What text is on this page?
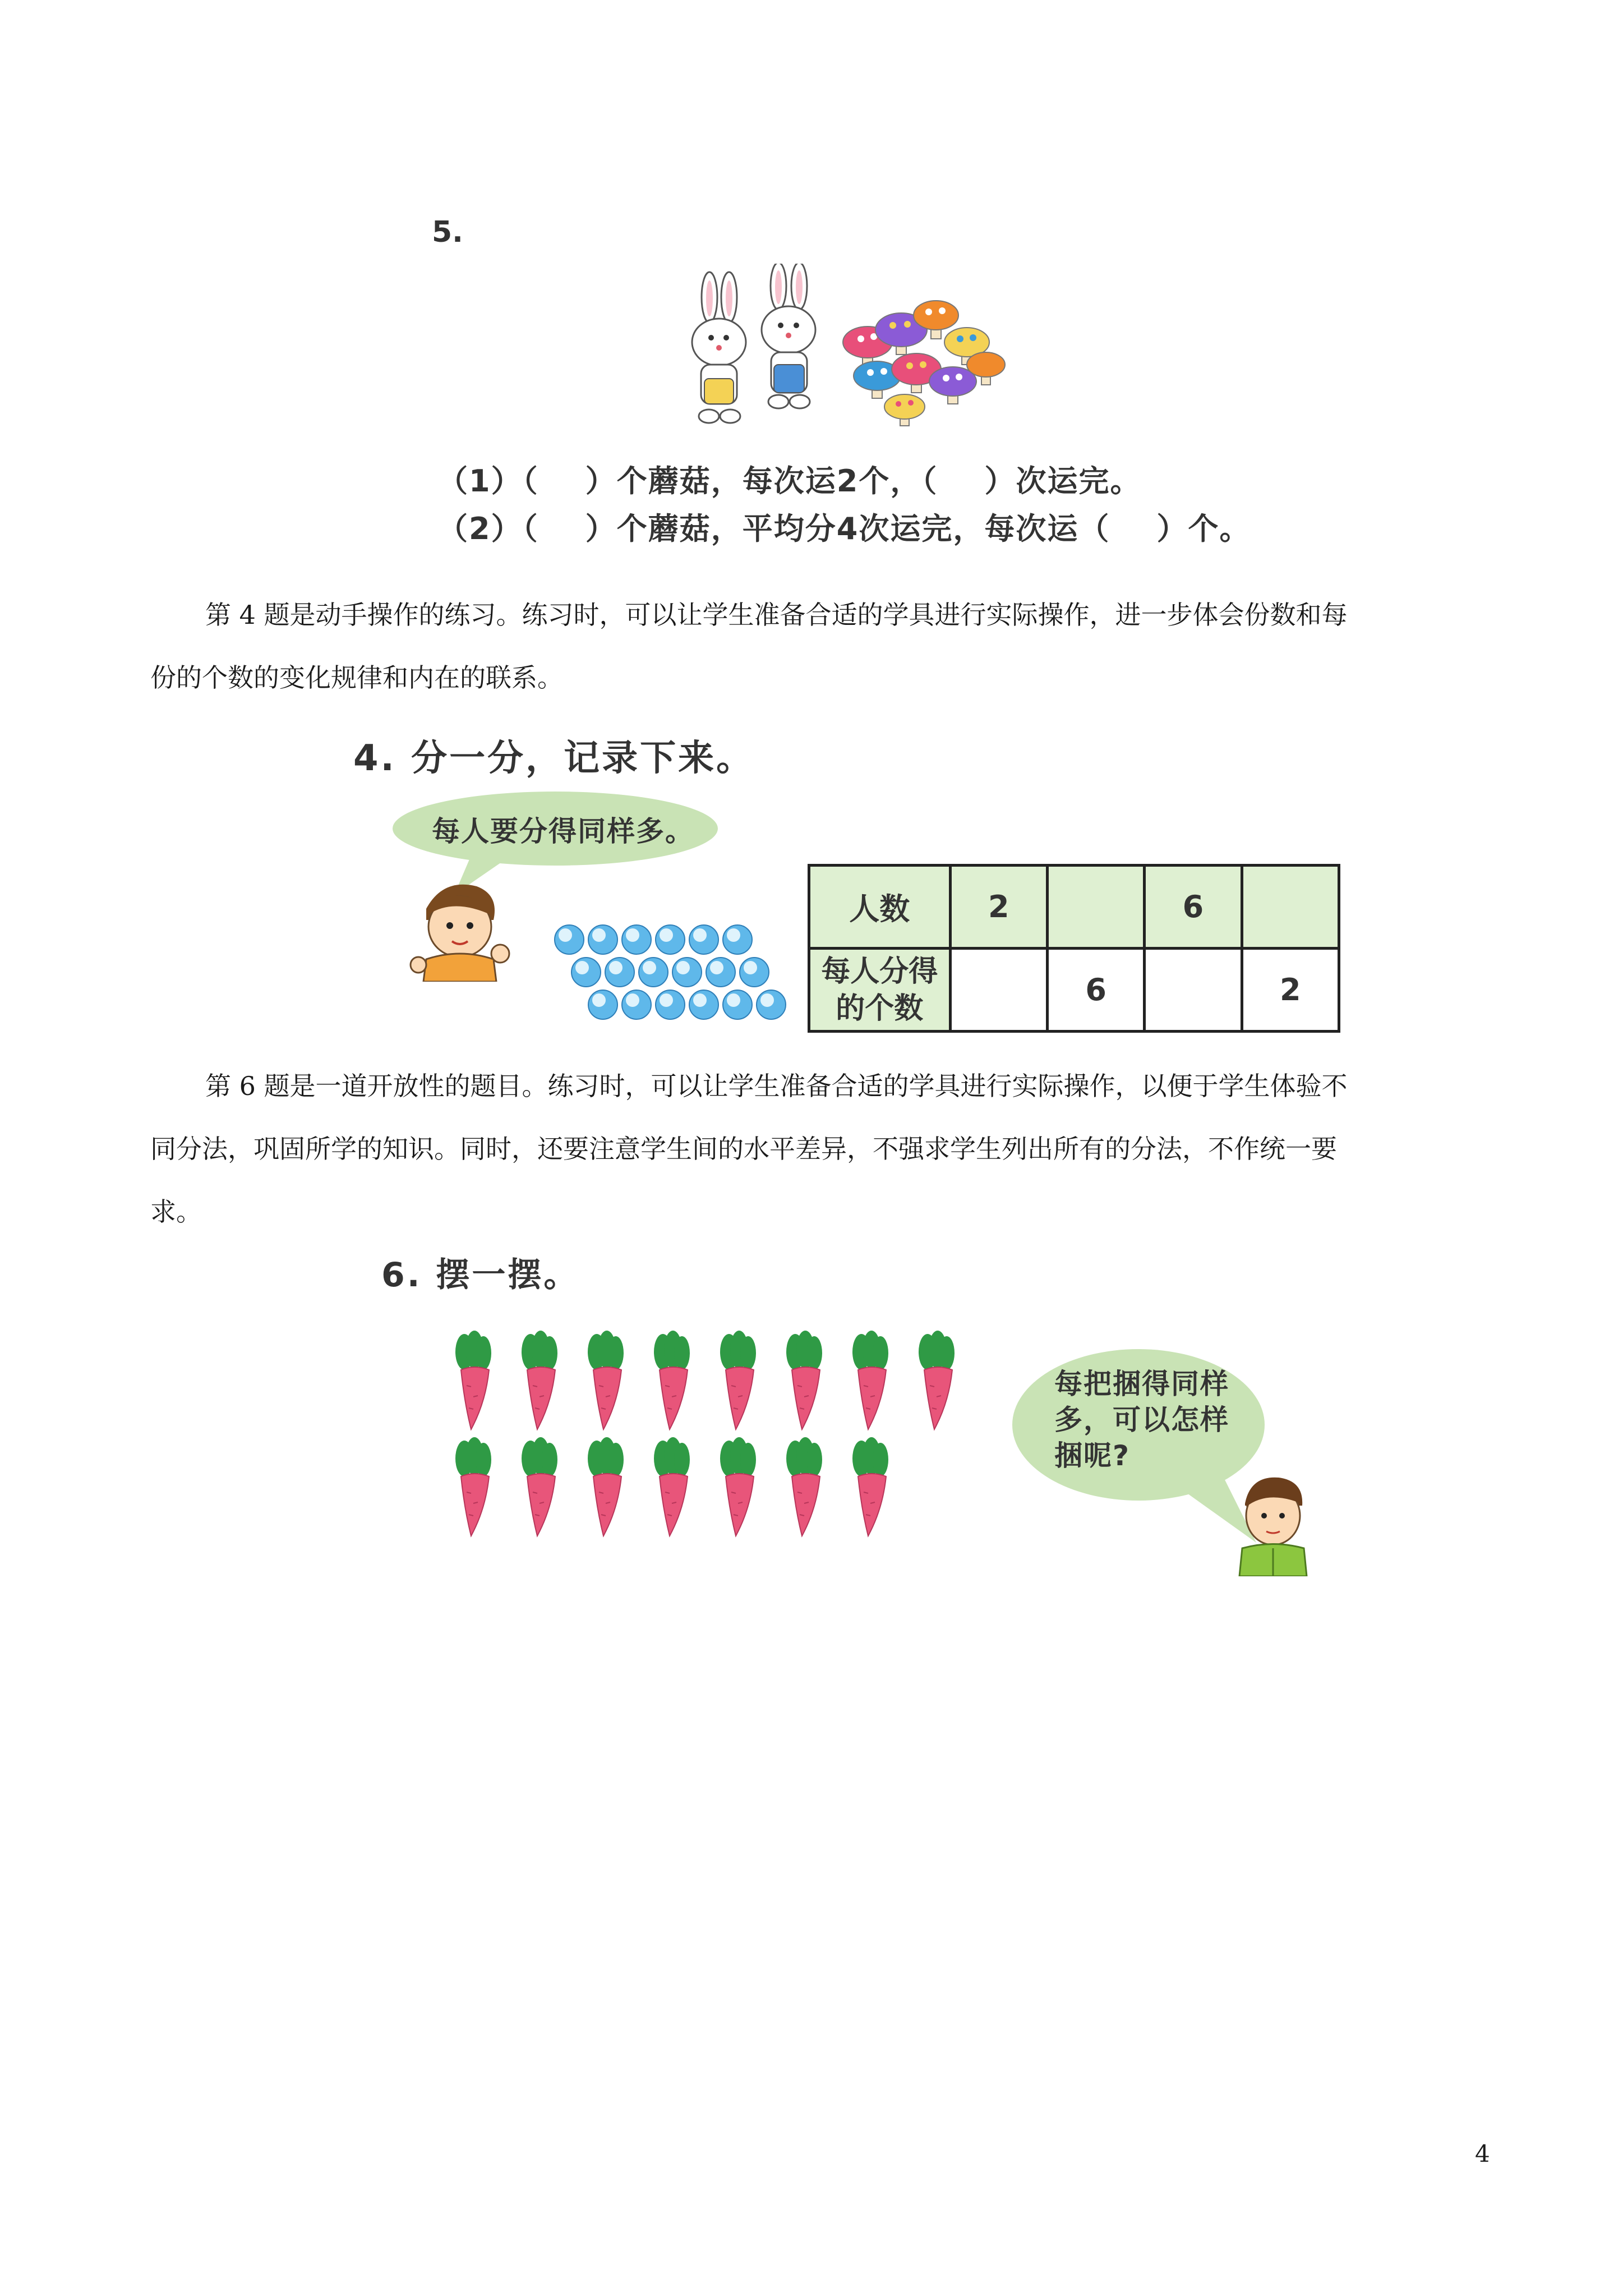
5.
（1）（    ）个蘑菇，每次运2个，（    ）次运完。
（2）（    ）个蘑菇，平均分4次运完，每次运（    ）个。

第 4 题是动手操作的练习。练习时，可以让学生准备合适的学具进行实际操作，进一步体会份数和每

份的个数的变化规律和内在的联系。
4. 分一分，记录下来。
每人要分得同样多。
人数	2		6	

每人分得
的个数		6		2

第 6 题是一道开放性的题目。练习时，可以让学生准备合适的学具进行实际操作，以便于学生体验不

同分法，巩固所学的知识。同时，还要注意学生间的水平差异，不强求学生列出所有的分法，不作统一要
求。
6. 摆一摆。
每把捆得同样
多，可以怎样
捆呢?
4
